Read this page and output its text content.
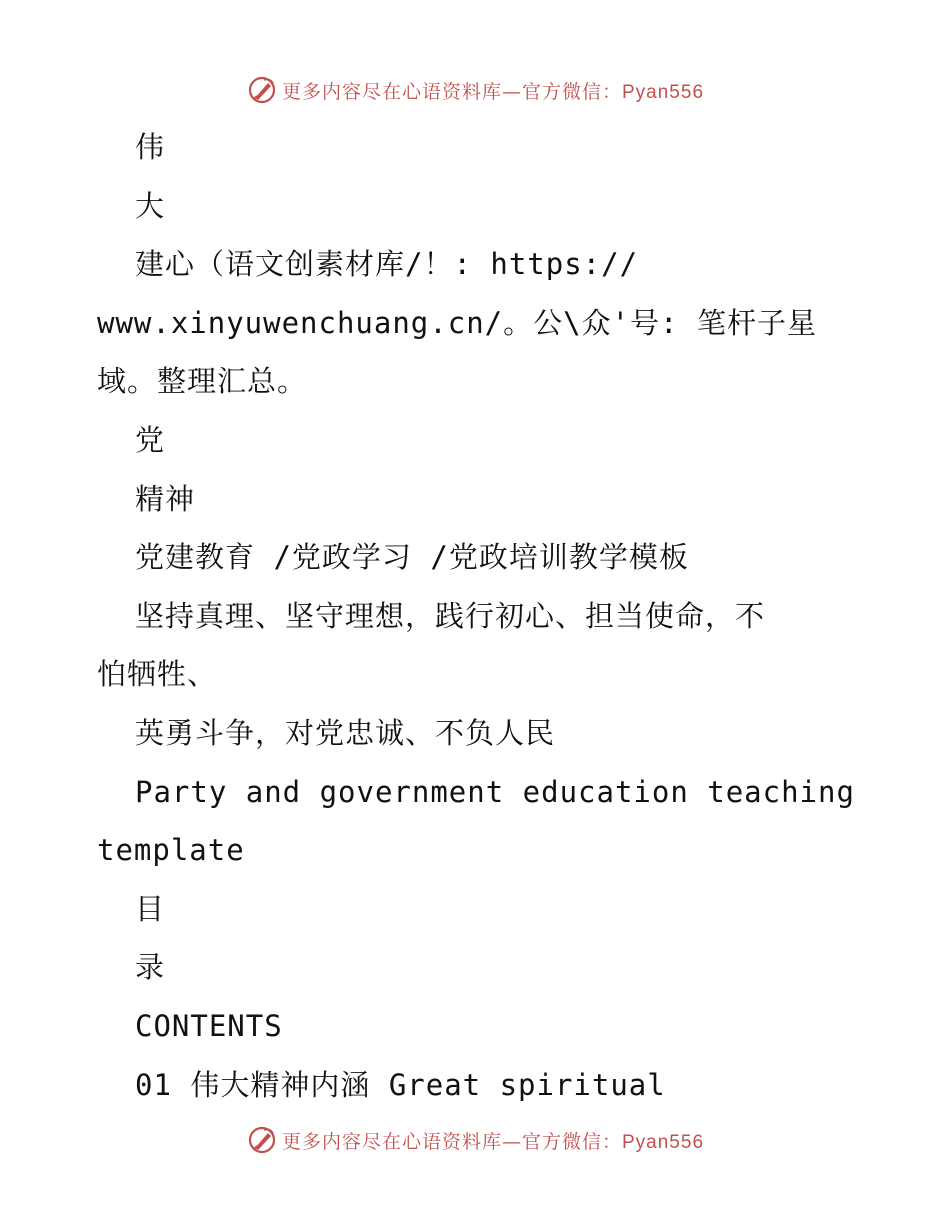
更多内容尽在心语资料库—官方微信：Pyan556
伟
大
建心（语文创素材库/！: https://
www.xinyuwenchuang.cn/。公\众'号: 笔杆子星
域。整理汇总。
党
精神
党建教育 /党政学习 /党政培训教学模板
坚持真理、坚守理想，践行初心、担当使命，不
怕牺牲、
英勇斗争，对党忠诚、不负人民
Party and government education teaching
template
目
录
CONTENTS
01 伟大精神内涵 Great spiritual
更多内容尽在心语资料库—官方微信：Pyan556
